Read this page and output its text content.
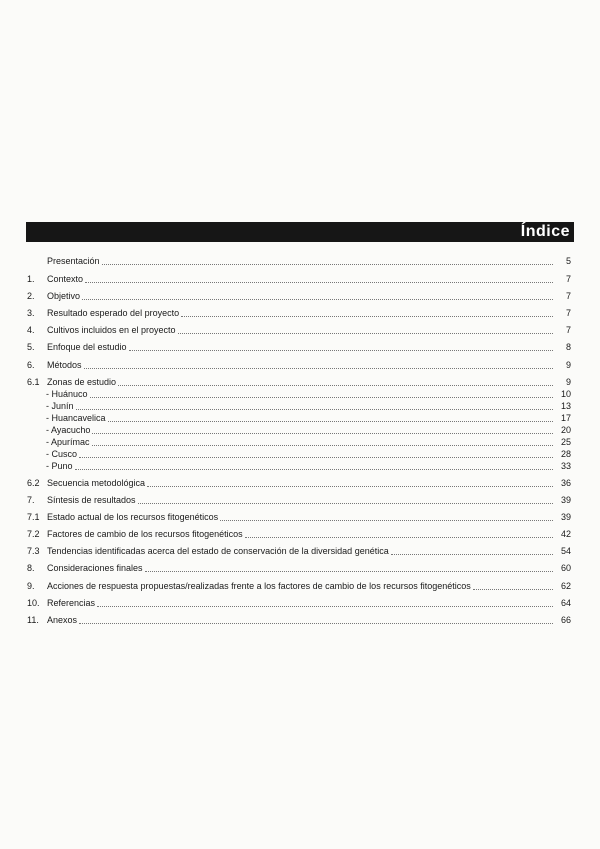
Índice
Presentación	5
1.	Contexto	7
2.	Objetivo	7
3.	Resultado esperado del proyecto	7
4.	Cultivos incluidos en el proyecto	7
5.	Enfoque del estudio	8
6.	Métodos	9
6.1 Zonas de estudio	9
- Huánuco	10
- Junín	13
- Huancavelica	17
- Ayacucho	20
- Apurímac	25
- Cusco	28
- Puno	33
6.2 Secuencia metodológica	36
7.	Síntesis de resultados	39
7.1 Estado actual de los recursos fitogenéticos	39
7.2 Factores de cambio de los recursos fitogenéticos	42
7.3 Tendencias identificadas acerca del estado de conservación de la diversidad genética	54
8.	Consideraciones finales	60
9.	Acciones de respuesta propuestas/realizadas frente a los factores de cambio de los recursos fitogenéticos	62
10. Referencias	64
11. Anexos	66
